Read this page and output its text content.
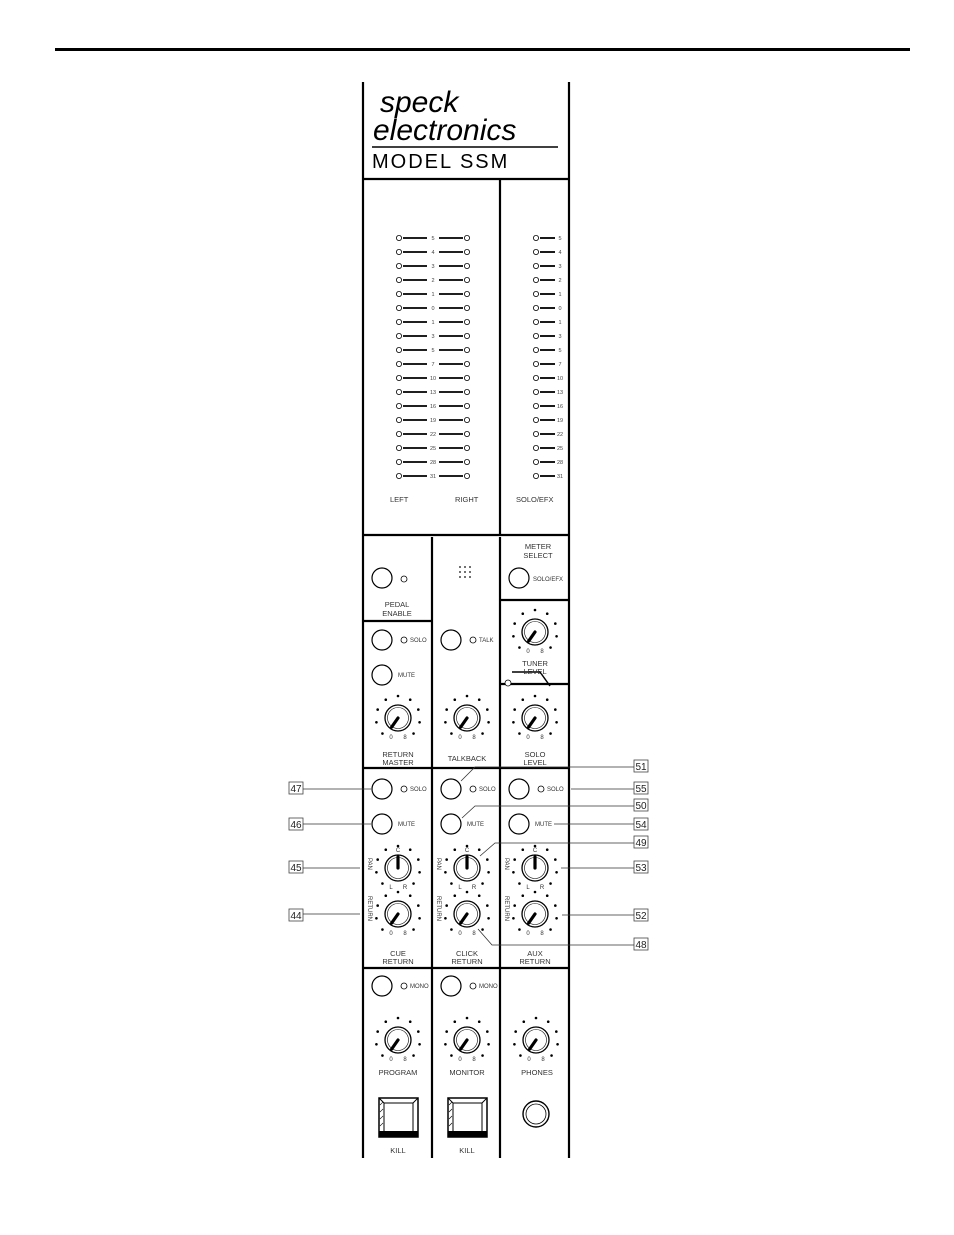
speck
electronics
MODEL SSM
5
4
3
2
1
0
1
3
5
7
10
13
16
19
22
25
28
31
5
4
3
2
1
0
1
3
5
7
10
13
16
19
22
25
28
31
LEFT	RIGHT	SOLO/EFX
PEDAL
ENABLE
METER
SELECT
SOLO/EFX
SOLO
MUTE
0 8
RETURN
MASTER
TALK
0 8
TALKBACK
0 8
TUNER
LEVEL
0 8
SOLO
LEVEL
SOLO
MUTE
PAN
RETURN
L R
C
0 8
CUE
RETURN
SOLO
MUTE
PAN
RETURN
L R
C
0 8
CLICK
RETURN
SOLO
MUTE
PAN
RETURN
L R
C
0 8
AUX
RETURN
MONO
0 8
PROGRAM
MONO
0 8
MONITOR
0 8
PHONES
KILL	KILL
47
46
45
44
51
50
49
55
54
53
52
48
